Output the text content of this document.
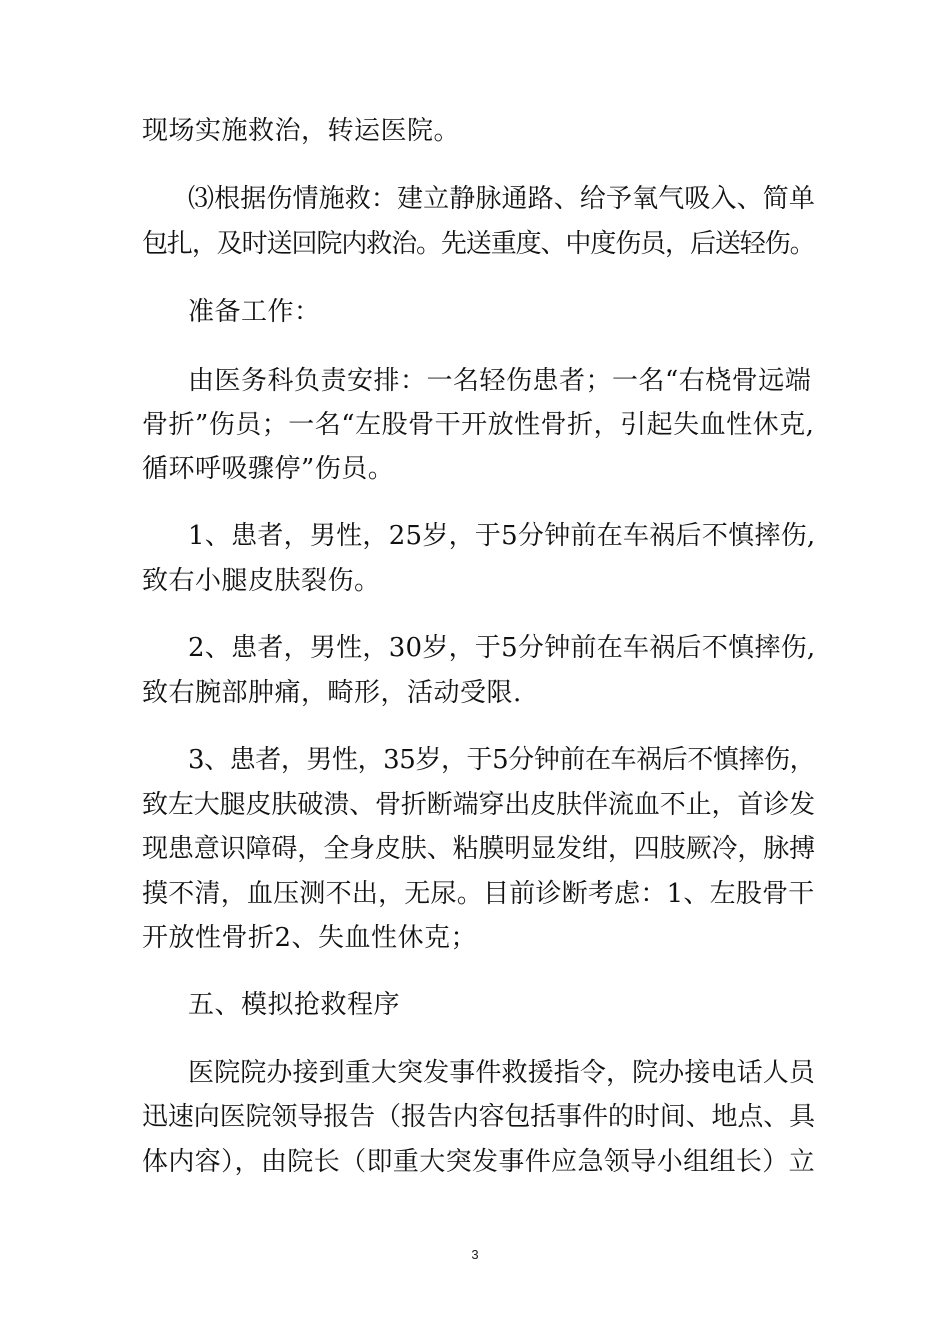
现场实施救治，转运医院。
⑶根据伤情施救：建立静脉通路、给予氧气吸入、简单
包扎，及时送回院内救治。先送重度、中度伤员，后送轻伤。
准备工作：
由医务科负责安排：一名轻伤患者；一名“右桡骨远端
骨折”伤员；一名“左股骨干开放性骨折，引起失血性休克,
循环呼吸骤停”伤员。
1、患者，男性，25岁，于5分钟前在车祸后不慎摔伤,
致右小腿皮肤裂伤。
2、患者，男性，30岁，于5分钟前在车祸后不慎摔伤,
致右腕部肿痛，畸形，活动受限.
3、患者，男性，35岁，于5分钟前在车祸后不慎摔伤，
致左大腿皮肤破溃、骨折断端穿出皮肤伴流血不止，首诊发
现患意识障碍，全身皮肤、粘膜明显发绀，四肢厥冷，脉搏
摸不清，血压测不出，无尿。目前诊断考虑：1、左股骨干
开放性骨折2、失血性休克；
五、模拟抢救程序
医院院办接到重大突发事件救援指令，院办接电话人员
迅速向医院领导报告（报告内容包括事件的时间、地点、具
体内容），由院长（即重大突发事件应急领导小组组长）立
3
